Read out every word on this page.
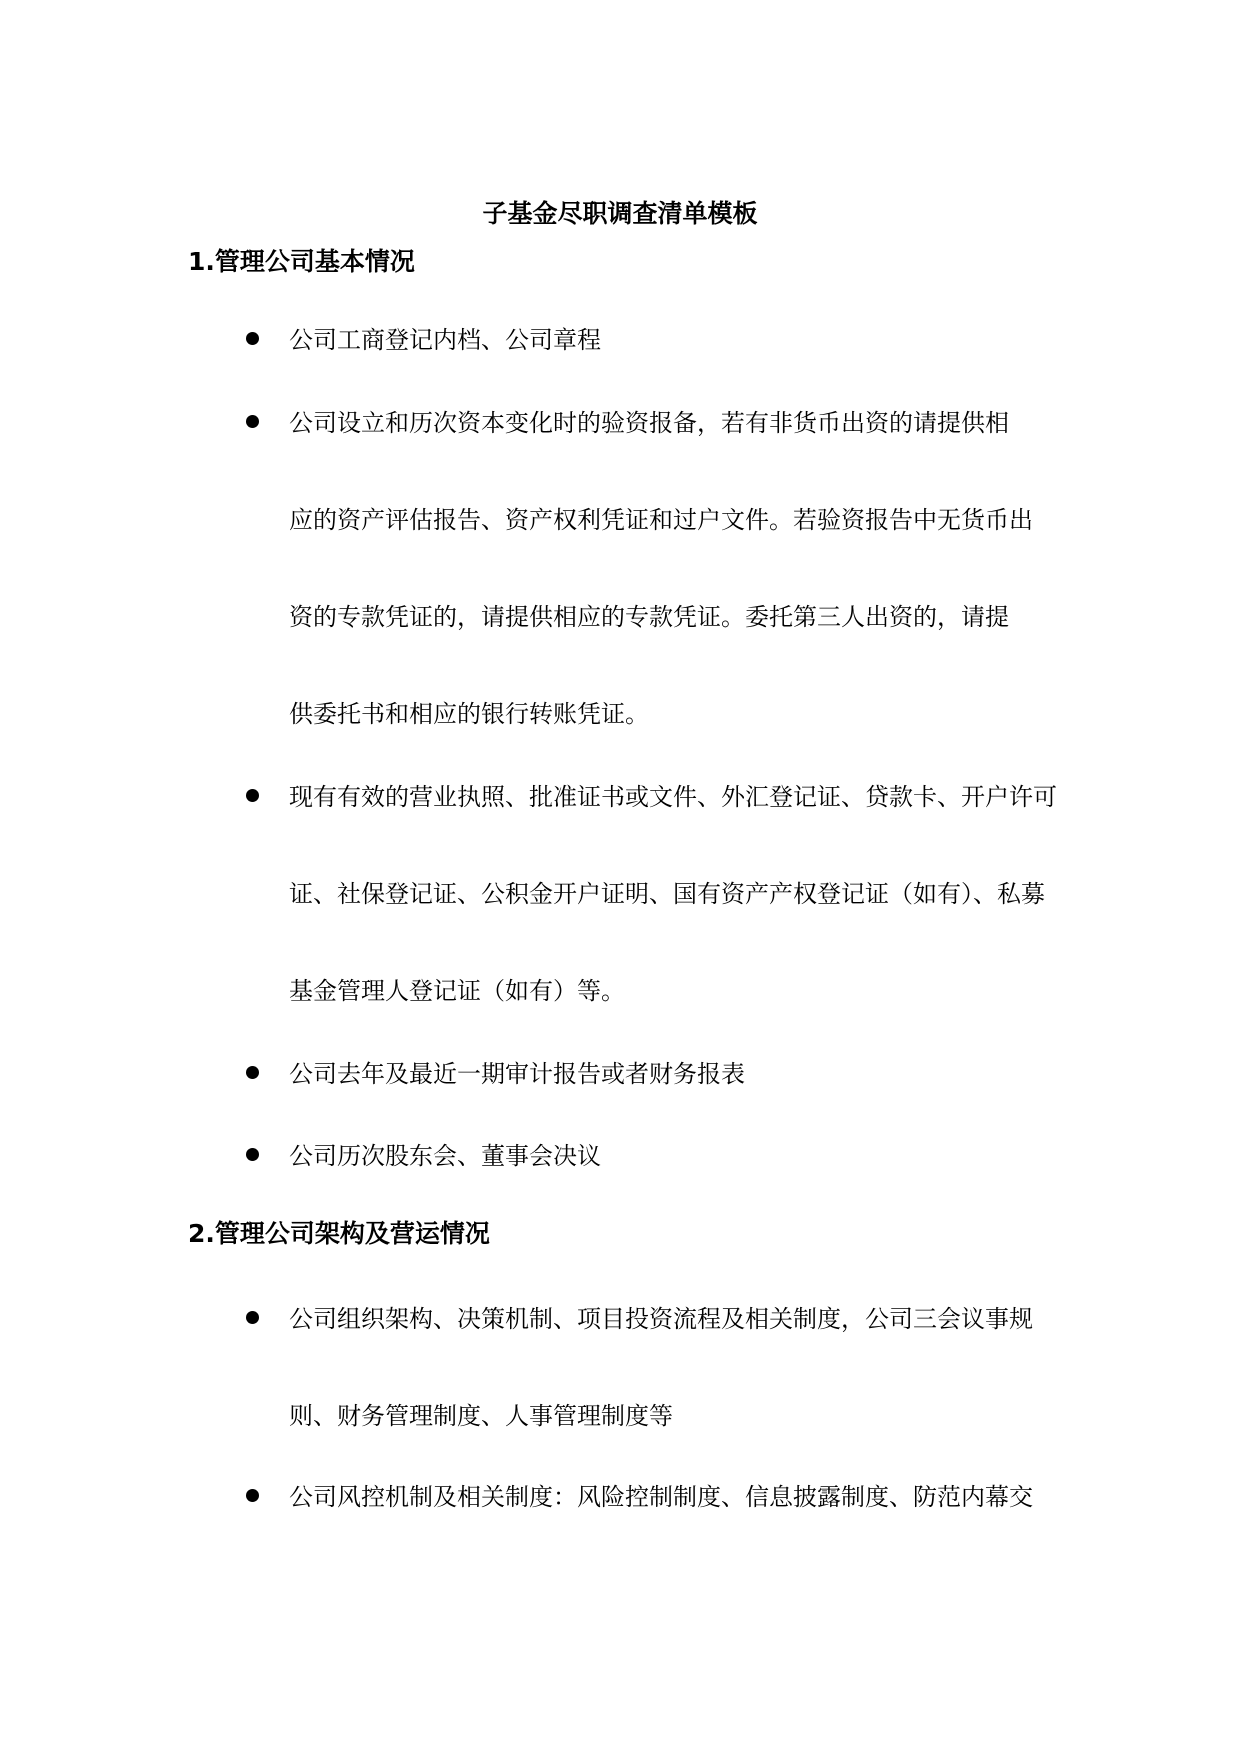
子基金尽职调查清单模板
1.管理公司基本情况
公司工商登记内档、公司章程
公司设立和历次资本变化时的验资报备，若有非货币出资的请提供相
应的资产评估报告、资产权利凭证和过户文件。若验资报告中无货币出
资的专款凭证的，请提供相应的专款凭证。委托第三人出资的，请提
供委托书和相应的银行转账凭证。
现有有效的营业执照、批准证书或文件、外汇登记证、贷款卡、开户许可
证、社保登记证、公积金开户证明、国有资产产权登记证（如有）、私募
基金管理人登记证（如有）等。
公司去年及最近一期审计报告或者财务报表
公司历次股东会、董事会决议
2.管理公司架构及营运情况
公司组织架构、决策机制、项目投资流程及相关制度，公司三会议事规
则、财务管理制度、人事管理制度等
公司风控机制及相关制度：风险控制制度、信息披露制度、防范内幕交
